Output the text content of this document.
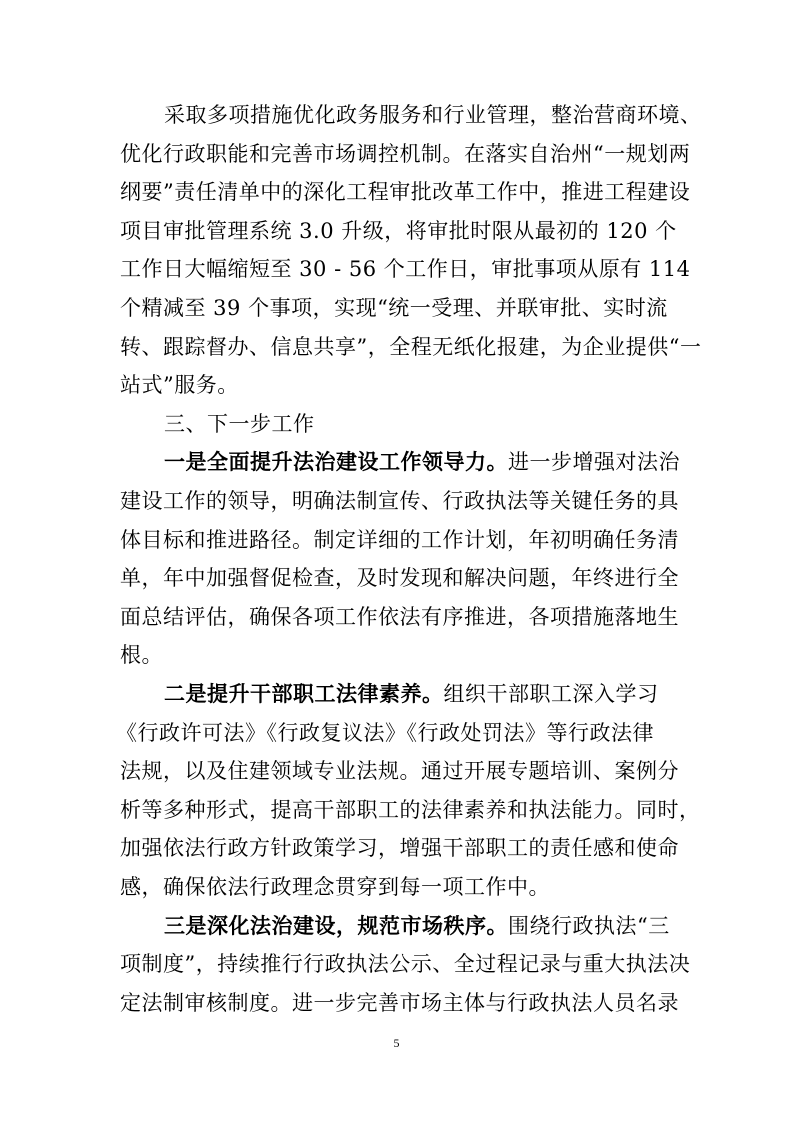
采取多项措施优化政务服务和行业管理，整治营商环境、
优化行政职能和完善市场调控机制。在落实自治州“一规划两
纲要”责任清单中的深化工程审批改革工作中，推进工程建设
项目审批管理系统 3.0 升级，将审批时限从最初的 120 个
工作日大幅缩短至 30 - 56 个工作日，审批事项从原有 114
个精减至 39 个事项，实现“统一受理、并联审批、实时流
转、跟踪督办、信息共享”，全程无纸化报建，为企业提供“一
站式”服务。
三、下一步工作
一是全面提升法治建设工作领导力。进一步增强对法治
建设工作的领导，明确法制宣传、行政执法等关键任务的具
体目标和推进路径。制定详细的工作计划，年初明确任务清
单，年中加强督促检查，及时发现和解决问题，年终进行全
面总结评估，确保各项工作依法有序推进，各项措施落地生
根。
二是提升干部职工法律素养。组织干部职工深入学习
《行政许可法》《行政复议法》《行政处罚法》等行政法律
法规，以及住建领域专业法规。通过开展专题培训、案例分
析等多种形式，提高干部职工的法律素养和执法能力。同时，
加强依法行政方针政策学习，增强干部职工的责任感和使命
感，确保依法行政理念贯穿到每一项工作中。
三是深化法治建设，规范市场秩序。围绕行政执法“三
项制度”，持续推行行政执法公示、全过程记录与重大执法决
定法制审核制度。进一步完善市场主体与行政执法人员名录
5
